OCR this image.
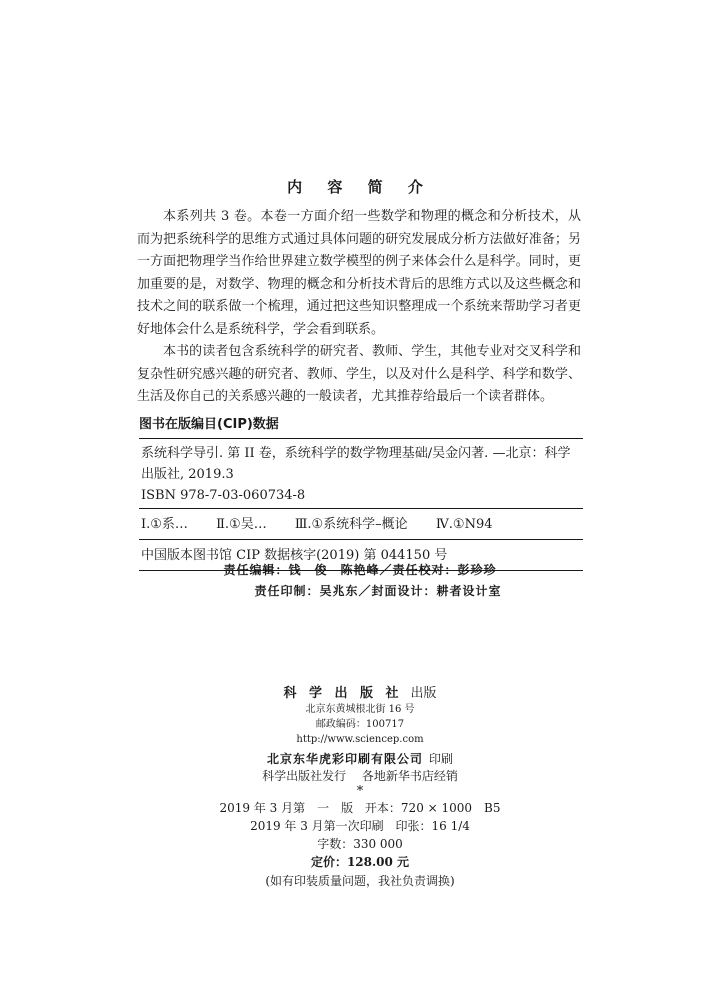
内 容 简 介

本系列共 3 卷。本卷一方面介绍一些数学和物理的概念和分析技术，从而为把系统科学的思维方式通过具体问题的研究发展成分析方法做好准备；另一方面把物理学当作给世界建立数学模型的例子来体会什么是科学。同时，更加重要的是，对数学、物理的概念和分析技术背后的思维方式以及这些概念和技术之间的联系做一个梳理，通过把这些知识整理成一个系统来帮助学习者更好地体会什么是系统科学，学会看到联系。

本书的读者包含系统科学的研究者、教师、学生，其他专业对交叉科学和复杂性研究感兴趣的研究者、教师、学生，以及对什么是科学、科学和数学、生活及你自己的关系感兴趣的一般读者，尤其推荐给最后一个读者群体。

图书在版编目(CIP)数据
系统科学导引. 第 II 卷，系统科学的数学物理基础/吴金闪著. —北京：科学出版社, 2019.3
ISBN 978-7-03-060734-8
Ⅰ.①系… Ⅱ.①吴… Ⅲ.①系统科学–概论 Ⅳ.①N94
中国版本图书馆 CIP 数据核字(2019) 第 044150 号
责任编辑：钱　俊　陈艳峰／责任校对：彭珍珍
责任印制：吴兆东／封面设计：耕者设计室
科 学 出 版 社 出版
北京东黄城根北街 16 号
邮政编码：100717
http://www.sciencep.com
北京东华虎彩印刷有限公司 印刷
科学出版社发行 各地新华书店经销
*
2019 年 3 月第　一　版 开本：720 × 1000　B5
2019 年 3 月第一次印刷 印张：16 1/4
字数：330 000
定价：128.00 元
(如有印装质量问题，我社负责调换)
